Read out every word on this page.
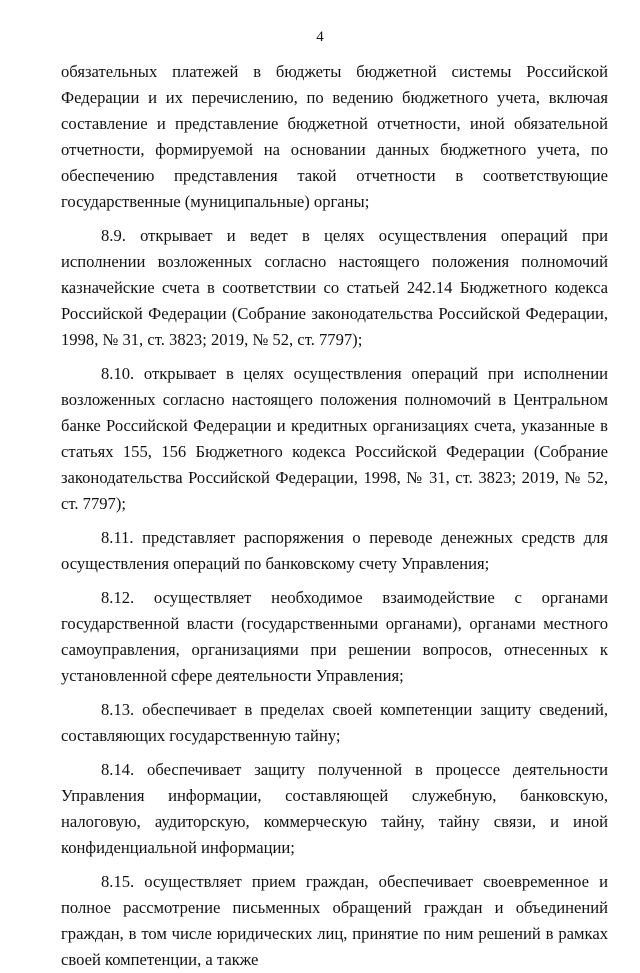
4

обязательных платежей в бюджеты бюджетной системы Российской Федерации и их перечислению, по ведению бюджетного учета, включая составление и представление бюджетной отчетности, иной обязательной отчетности, формируемой на основании данных бюджетного учета, по обеспечению представления такой отчетности в соответствующие государственные (муниципальные) органы;

8.9. открывает и ведет в целях осуществления операций при исполнении возложенных согласно настоящего положения полномочий казначейские счета в соответствии со статьей 242.14 Бюджетного кодекса Российской Федерации (Собрание законодательства Российской Федерации, 1998, № 31, ст. 3823; 2019, № 52, ст. 7797);

8.10. открывает в целях осуществления операций при исполнении возложенных согласно настоящего положения полномочий в Центральном банке Российской Федерации и кредитных организациях счета, указанные в статьях 155, 156 Бюджетного кодекса Российской Федерации (Собрание законодательства Российской Федерации, 1998, № 31, ст. 3823; 2019, № 52, ст. 7797);

8.11. представляет распоряжения о переводе денежных средств для осуществления операций по банковскому счету Управления;

8.12. осуществляет необходимое взаимодействие с органами государственной власти (государственными органами), органами местного самоуправления, организациями при решении вопросов, отнесенных к установленной сфере деятельности Управления;

8.13. обеспечивает в пределах своей компетенции защиту сведений, составляющих государственную тайну;

8.14. обеспечивает защиту полученной в процессе деятельности Управления информации, составляющей служебную, банковскую, налоговую, аудиторскую, коммерческую тайну, тайну связи, и иной конфиденциальной информации;

8.15. осуществляет прием граждан, обеспечивает своевременное и полное рассмотрение письменных обращений граждан и объединений граждан, в том числе юридических лиц, принятие по ним решений в рамках своей компетенции, а также
